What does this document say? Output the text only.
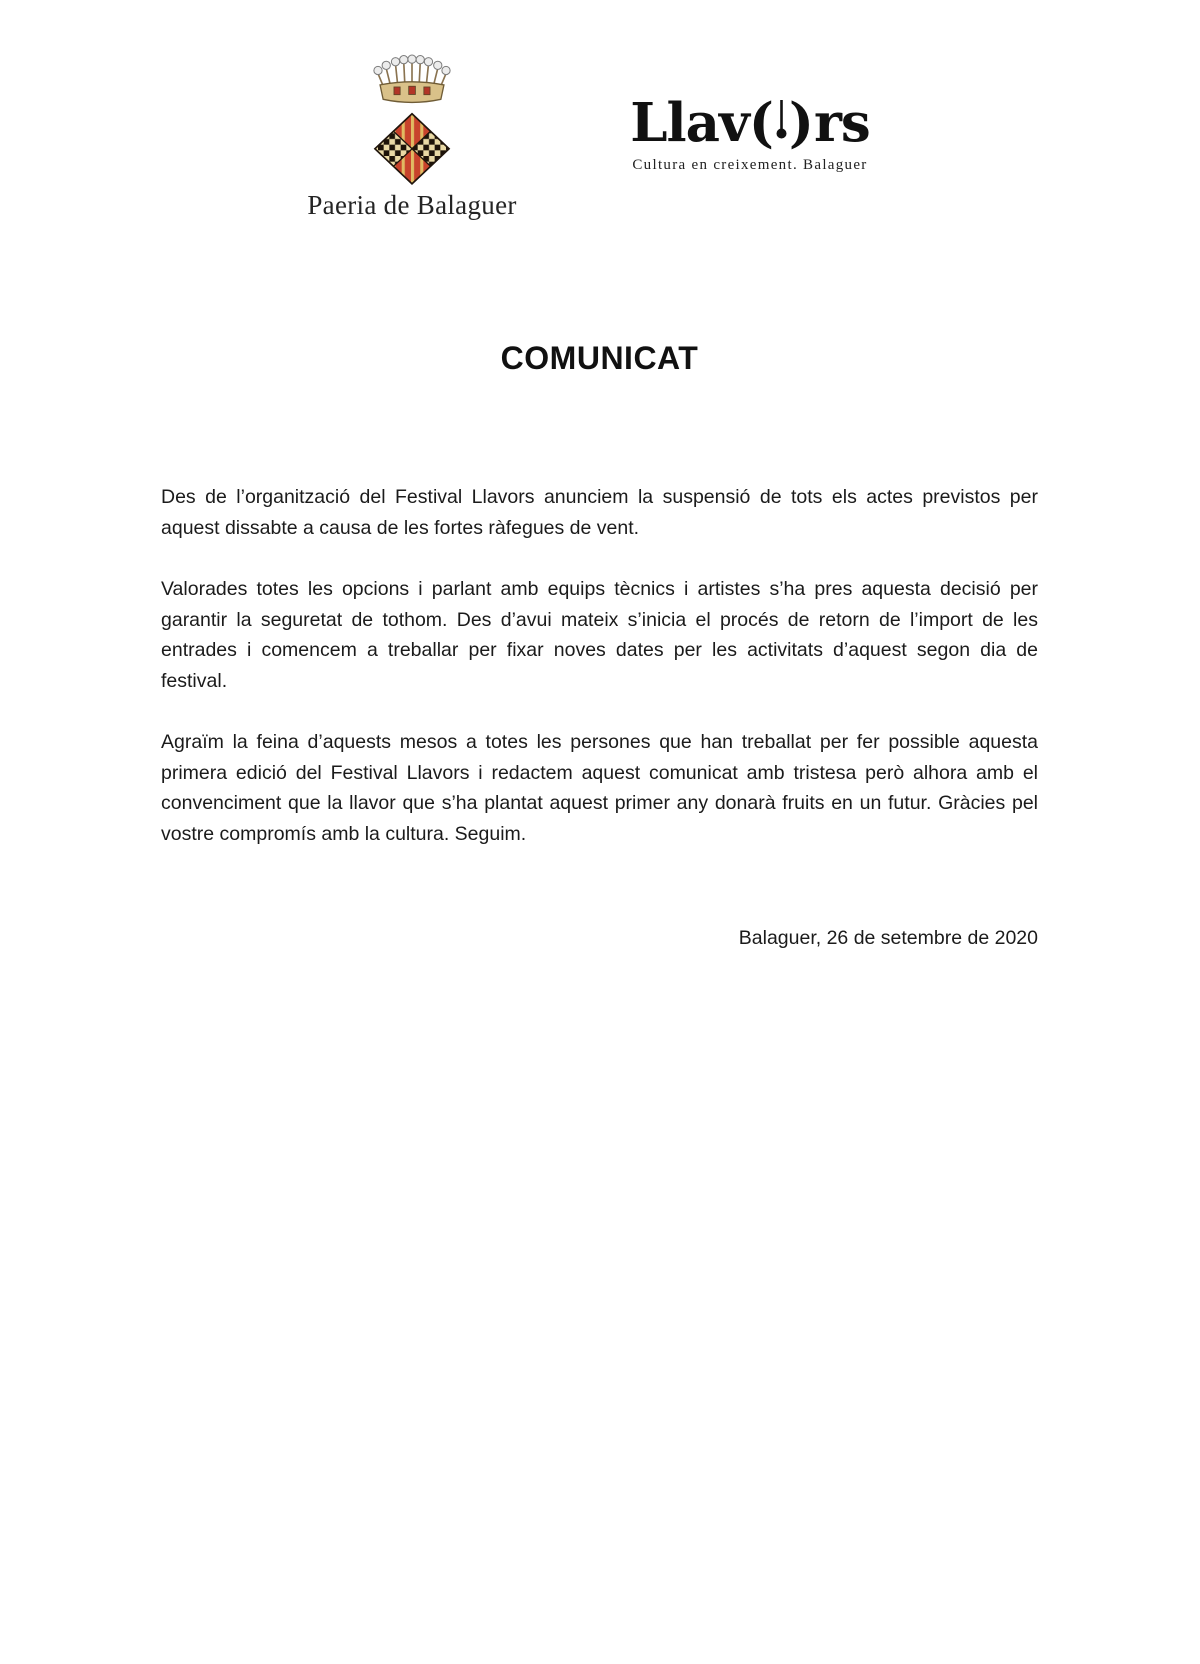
Paeria de Balaguer
Llav( )rs
Cultura en creixement. Balaguer
COMUNICAT

Des de l’organització del Festival Llavors anunciem la suspensió de tots els actes previstos per aquest dissabte a causa de les fortes ràfegues de vent.

Valorades totes les opcions i parlant amb equips tècnics i artistes s’ha pres aquesta decisió per garantir la seguretat de tothom. Des d’avui mateix s’inicia el procés de retorn de l’import de les entrades i comencem a treballar per fixar noves dates per les activitats d’aquest segon dia de festival.

Agraïm la feina d’aquests mesos a totes les persones que han treballat per fer possible aquesta primera edició del Festival Llavors i redactem aquest comunicat amb tristesa però alhora amb el convenciment que la llavor que s’ha plantat aquest primer any donarà fruits en un futur. Gràcies pel vostre compromís amb la cultura. Seguim.

Balaguer, 26 de setembre de 2020
